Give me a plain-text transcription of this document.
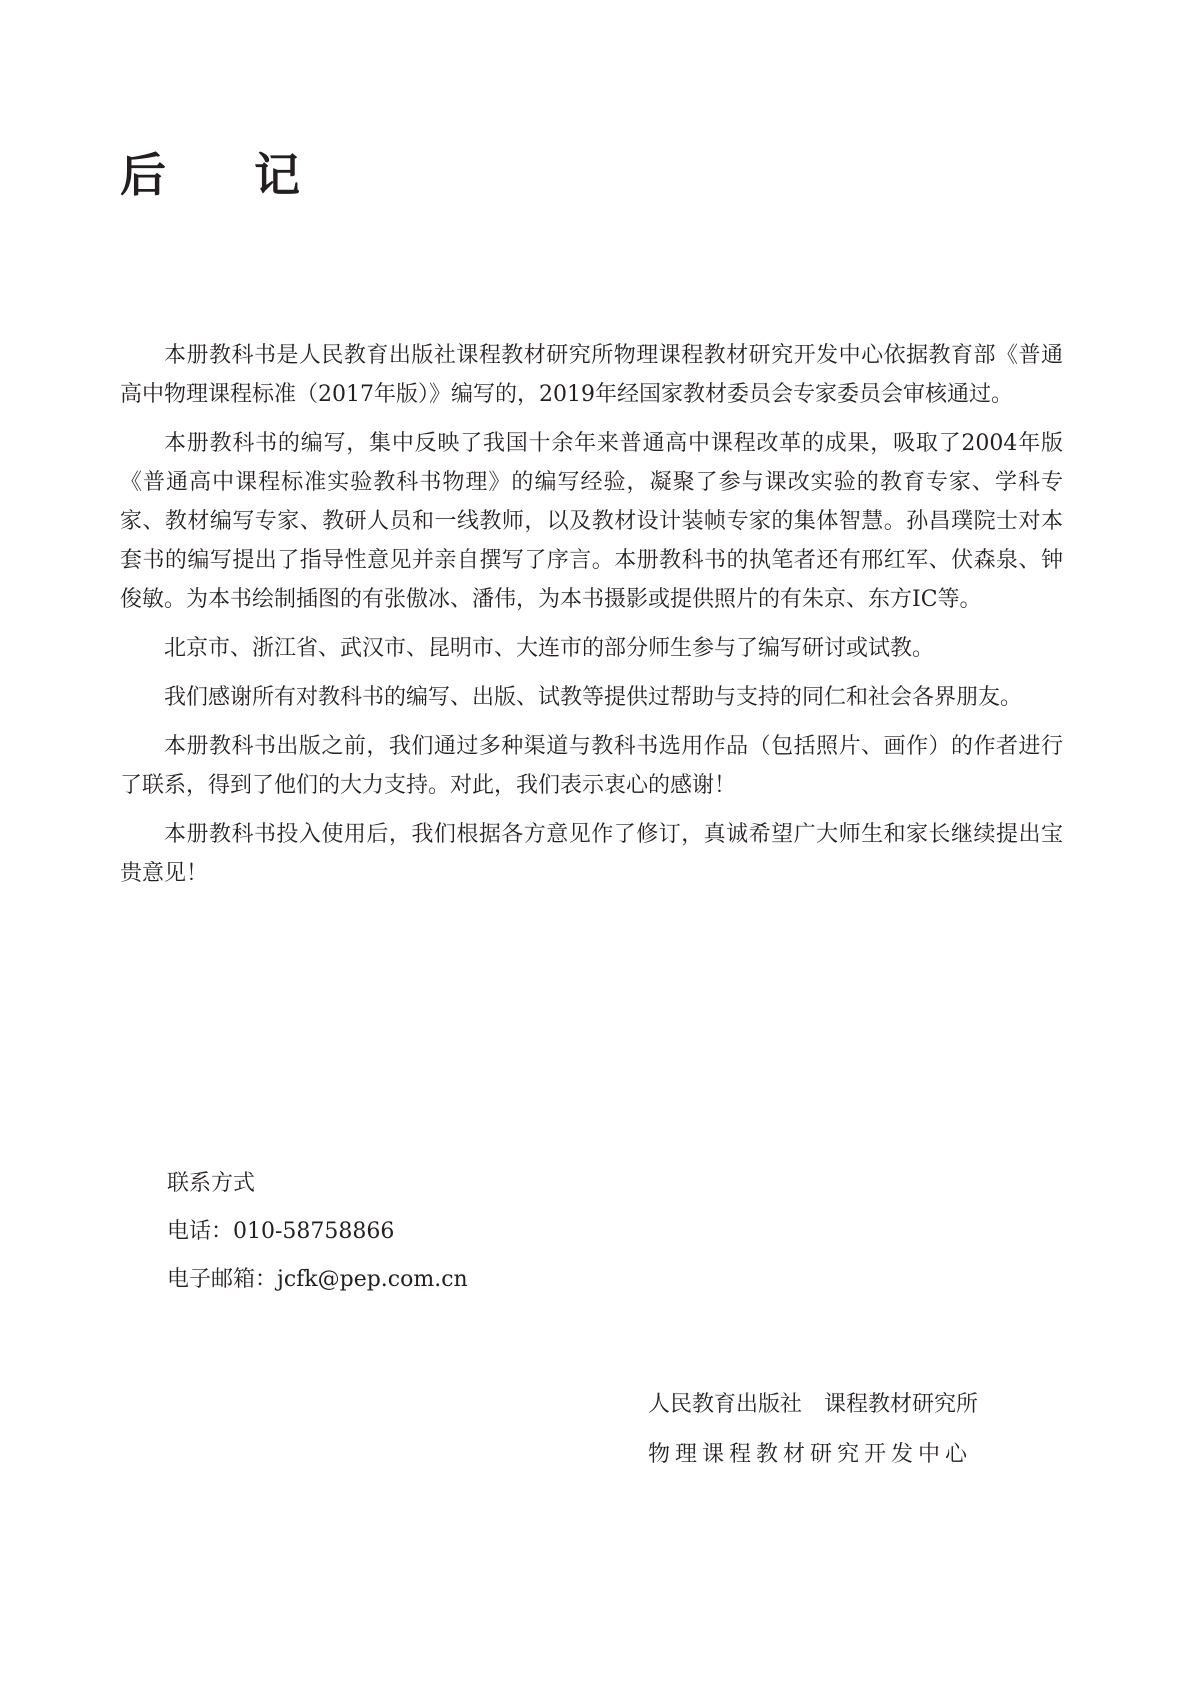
后 记

本册教科书是人民教育出版社课程教材研究所物理课程教材研究开发中心依据教育部《普通高中物理课程标准（2017年版）》编写的，2019年经国家教材委员会专家委员会审核通过。

本册教科书的编写，集中反映了我国十余年来普通高中课程改革的成果，吸取了2004年版《普通高中课程标准实验教科书物理》的编写经验，凝聚了参与课改实验的教育专家、学科专家、教材编写专家、教研人员和一线教师，以及教材设计装帧专家的集体智慧。孙昌璞院士对本套书的编写提出了指导性意见并亲自撰写了序言。本册教科书的执笔者还有邢红军、伏森泉、钟俊敏。为本书绘制插图的有张傲冰、潘伟，为本书摄影或提供照片的有朱京、东方IC等。

北京市、浙江省、武汉市、昆明市、大连市的部分师生参与了编写研讨或试教。

我们感谢所有对教科书的编写、出版、试教等提供过帮助与支持的同仁和社会各界朋友。

本册教科书出版之前，我们通过多种渠道与教科书选用作品（包括照片、画作）的作者进行了联系，得到了他们的大力支持。对此，我们表示衷心的感谢！

本册教科书投入使用后，我们根据各方意见作了修订，真诚希望广大师生和家长继续提出宝贵意见！

联系方式
电话：010-58758866
电子邮箱：jcfk@pep.com.cn
人民教育出版社　课程教材研究所
物理课程教材研究开发中心
